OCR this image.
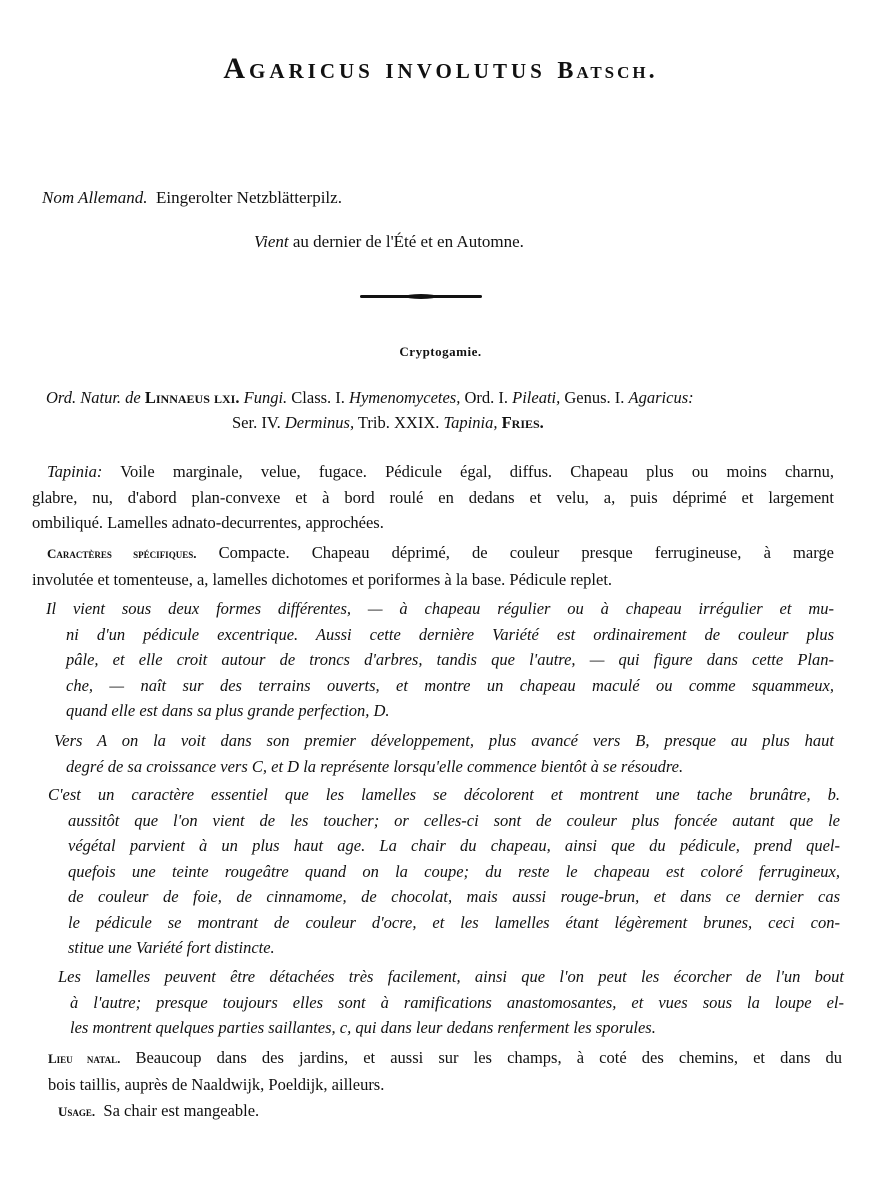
Agaricus involutus Batsch.
Nom Allemand. Eingerolter Netzblätterpilz.
Vient au dernier de l'Été et en Automne.
Cryptogamie.
Ord. Natur. de Linnaeus lxi. Fungi. Class. I. Hymenomycetes, Ord. I. Pileati, Genus. I. Agaricus:
Ser. IV. Derminus, Trib. XXIX. Tapinia, Fries.
Tapinia: Voile marginale, velue, fugace. Pédicule égal, diffus. Chapeau plus ou moins charnu,
glabre, nu, d'abord plan-convexe et à bord roulé en dedans et velu, a, puis déprimé et largement
ombiliqué. Lamelles adnato-decurrentes, approchées.
Caractères spécifiques. Compacte. Chapeau déprimé, de couleur presque ferrugineuse, à marge
involutée et tomenteuse, a, lamelles dichotomes et poriformes à la base. Pédicule replet.
Il vient sous deux formes différentes, — à chapeau régulier ou à chapeau irrégulier et mu-
ni d'un pédicule excentrique. Aussi cette dernière Variété est ordinairement de couleur plus
pâle, et elle croit autour de troncs d'arbres, tandis que l'autre, — qui figure dans cette Plan-
che, — naît sur des terrains ouverts, et montre un chapeau maculé ou comme squammeux,
quand elle est dans sa plus grande perfection, D.
Vers A on la voit dans son premier développement, plus avancé vers B, presque au plus haut
degré de sa croissance vers C, et D la représente lorsqu'elle commence bientôt à se résoudre.
C'est un caractère essentiel que les lamelles se décolorent et montrent une tache brunâtre, b.
aussitôt que l'on vient de les toucher; or celles-ci sont de couleur plus foncée autant que le
végétal parvient à un plus haut age. La chair du chapeau, ainsi que du pédicule, prend quel-
quefois une teinte rougeâtre quand on la coupe; du reste le chapeau est coloré ferrugineux,
de couleur de foie, de cinnamome, de chocolat, mais aussi rouge-brun, et dans ce dernier cas
le pédicule se montrant de couleur d'ocre, et les lamelles étant légèrement brunes, ceci con-
stitue une Variété fort distincte.
Les lamelles peuvent être détachées très facilement, ainsi que l'on peut les écorcher de l'un bout
à l'autre; presque toujours elles sont à ramifications anastomosantes, et vues sous la loupe el-
les montrent quelques parties saillantes, c, qui dans leur dedans renferment les sporules.
Lieu natal. Beaucoup dans des jardins, et aussi sur les champs, à coté des chemins, et dans du
bois taillis, auprès de Naaldwijk, Poeldijk, ailleurs.
Usage. Sa chair est mangeable.
